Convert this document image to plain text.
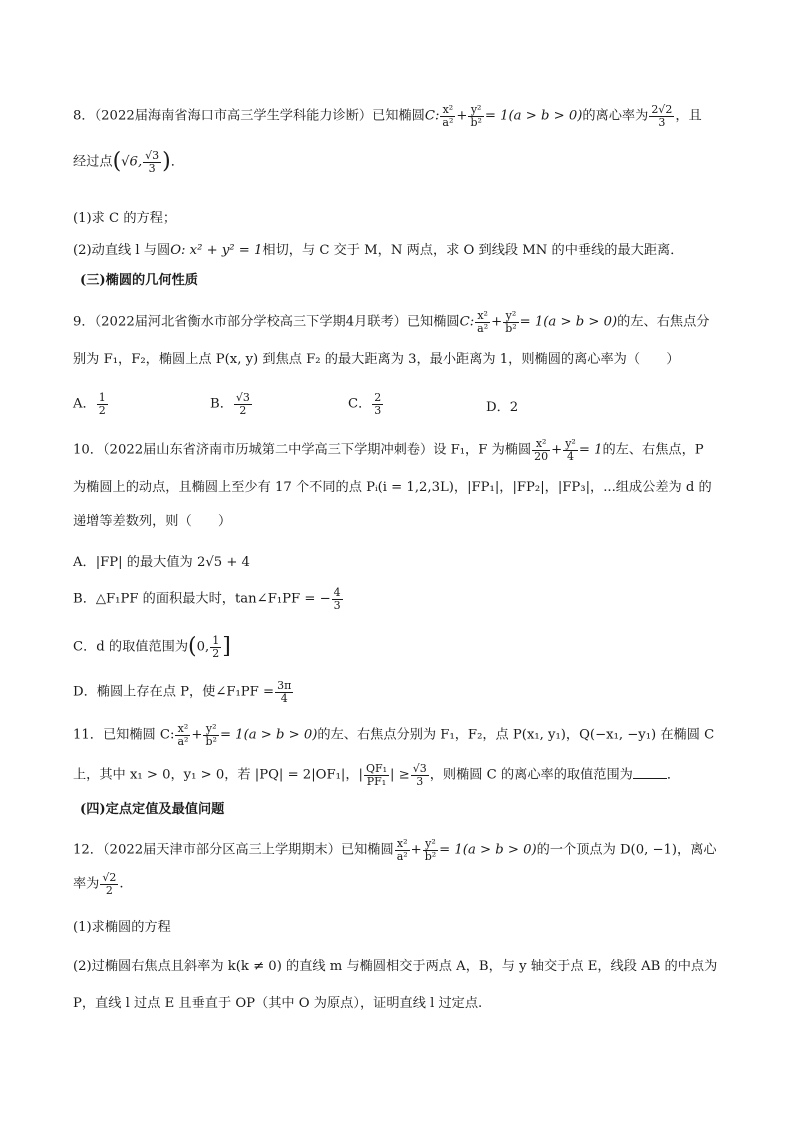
8．（2022届海南省海口市高三学生学科能力诊断）已知椭圆C: $\frac{\text{x²}}{\text{a²}} + \frac{\text{y²}}{\text{b²}} = 1(a > b > 0)$的离心率为 $\frac{2√2}{3}$ ，且
经过点(√6, $\frac{√3}{3}$ )．
(1)求 C 的方程；
(2)动直线 l 与圆O: x² + y² = 1相切，与 C 交于 M，N 两点，求 O 到线段 MN 的中垂线的最大距离．
(三)椭圆的几何性质
9．（2022届河北省衡水市部分学校高三下学期4月联考）已知椭圆C: $\frac{\text{x²}}{\text{a²}} + \frac{\text{y²}}{\text{b²}} = 1(a > b > 0)$的左、右焦点分
别为 F₁，F₂，椭圆上点 P(x, y) 到焦点 F₂ 的最大距离为 3，最小距离为 1，则椭圆的离心率为（　　）
A． $\frac{1}{2}$	B． $\frac{√3}{2}$	C． $\frac{2}{3}$	D．2
10．（2022届山东省济南市历城第二中学高三下学期冲刺卷）设 F₁，F 为椭圆 $\frac{\text{x²}}{20} + \frac{\text{y²}}{4} = 1$的左、右焦点，P
为椭圆上的动点，且椭圆上至少有 17 个不同的点 Pᵢ(i = 1,2,3L)，|FP₁|，|FP₂|，|FP₃|，...组成公差为 d 的
递增等差数列，则（　　）
A．|FP| 的最大值为 2√5 + 4
B．△F₁PF 的面积最大时，tan∠F₁PF = − $\frac{4}{3}$
C．d 的取值范围为(0, $\frac{1}{2}$ ]
D．椭圆上存在点 P，使∠F₁PF = $\frac{3\pi}{4}$
11．已知椭圆 C: $\frac{\text{x²}}{\text{a²}} + \frac{\text{y²}}{\text{b²}} = 1(a > b > 0)$的左、右焦点分别为 F₁，F₂，点 P(x₁, y₁)，Q(−x₁, −y₁) 在椭圆 C
上，其中 x₁ > 0，y₁ > 0，若 |PQ| = 2|OF₁|，| $\frac{\text{QF₁}}{\text{PF₁}}$ | ≥ $\frac{√3}{3}$ ，则椭圆 C 的离心率的取值范围为	．
(四)定点定值及最值问题
12．（2022届天津市部分区高三上学期期末）已知椭圆 $\frac{\text{x²}}{\text{a²}} + \frac{\text{y²}}{\text{b²}} = 1(a > b > 0)$的一个顶点为 D(0, −1)，离心
率为 $\frac{√2}{2}$ .
(1)求椭圆的方程
(2)过椭圆右焦点且斜率为 k(k ≠ 0) 的直线 m 与椭圆相交于两点 A，B，与 y 轴交于点 E，线段 AB 的中点为
P，直线 l 过点 E 且垂直于 OP（其中 O 为原点），证明直线 l 过定点.
